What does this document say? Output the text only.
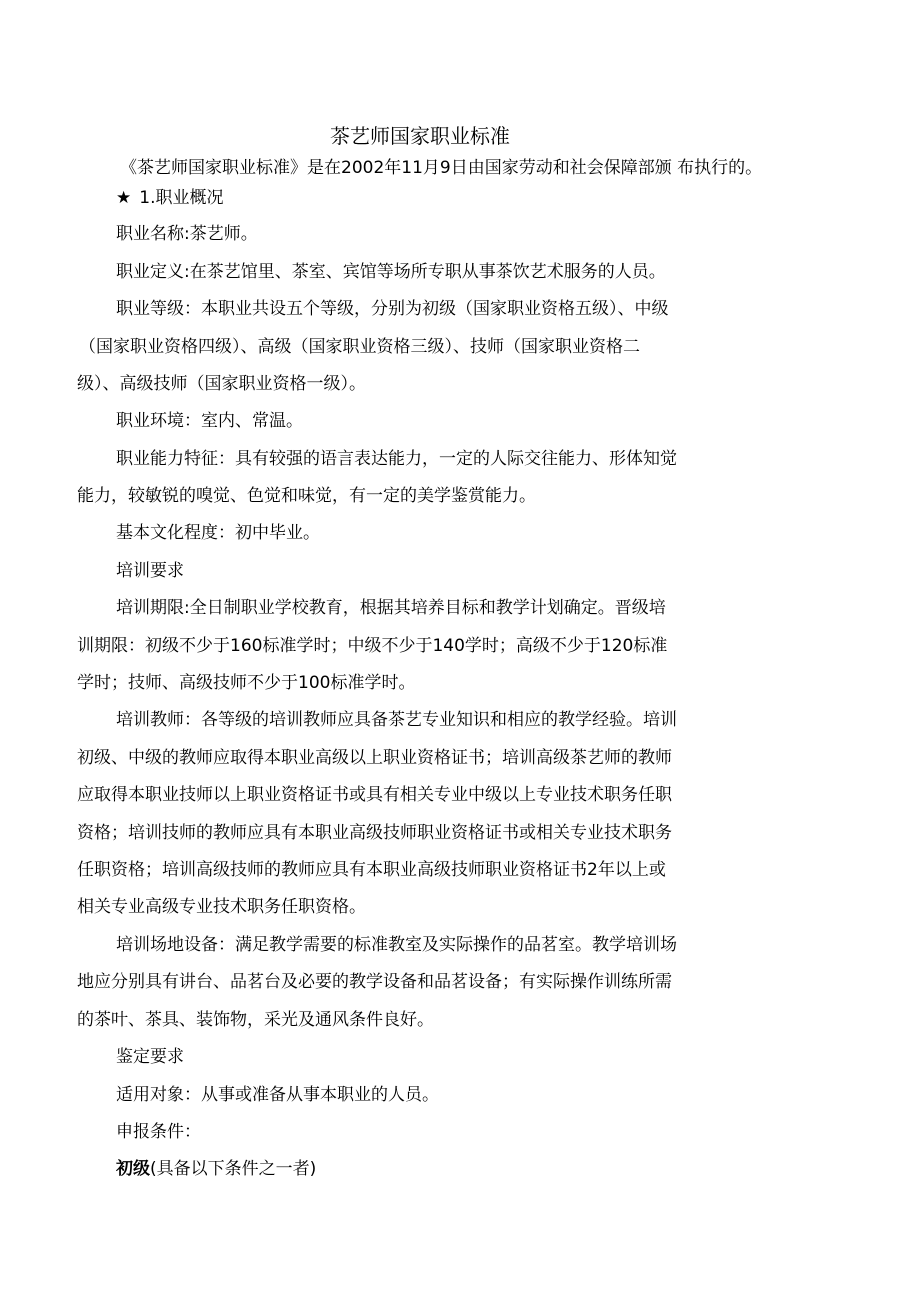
茶艺师国家职业标准

《茶艺师国家职业标准》是在2002年11月9日由国家劳动和社会保障部颁 布执行的。

★ 1.职业概况

职业名称:茶艺师。

职业定义:在茶艺馆里、茶室、宾馆等场所专职从事茶饮艺术服务的人员。

职业等级：本职业共设五个等级，分别为初级（国家职业资格五级）、中级

（国家职业资格四级）、高级（国家职业资格三级）、技师（国家职业资格二

级）、高级技师（国家职业资格一级）。

职业环境：室内、常温。

职业能力特征：具有较强的语言表达能力，一定的人际交往能力、形体知觉

能力，较敏锐的嗅觉、色觉和味觉，有一定的美学鉴赏能力。

基本文化程度：初中毕业。

培训要求

培训期限:全日制职业学校教育，根据其培养目标和教学计划确定。晋级培

训期限：初级不少于160标准学时；中级不少于140学时；高级不少于120标准

学时；技师、高级技师不少于100标准学时。

培训教师：各等级的培训教师应具备茶艺专业知识和相应的教学经验。培训

初级、中级的教师应取得本职业高级以上职业资格证书；培训高级茶艺师的教师

应取得本职业技师以上职业资格证书或具有相关专业中级以上专业技术职务任职

资格；培训技师的教师应具有本职业高级技师职业资格证书或相关专业技术职务

任职资格；培训高级技师的教师应具有本职业高级技师职业资格证书2年以上或

相关专业高级专业技术职务任职资格。

培训场地设备：满足教学需要的标准教室及实际操作的品茗室。教学培训场

地应分别具有讲台、品茗台及必要的教学设备和品茗设备；有实际操作训练所需

的茶叶、茶具、装饰物，采光及通风条件良好。

鉴定要求

适用对象：从事或准备从事本职业的人员。

申报条件：

初级(具备以下条件之一者)
